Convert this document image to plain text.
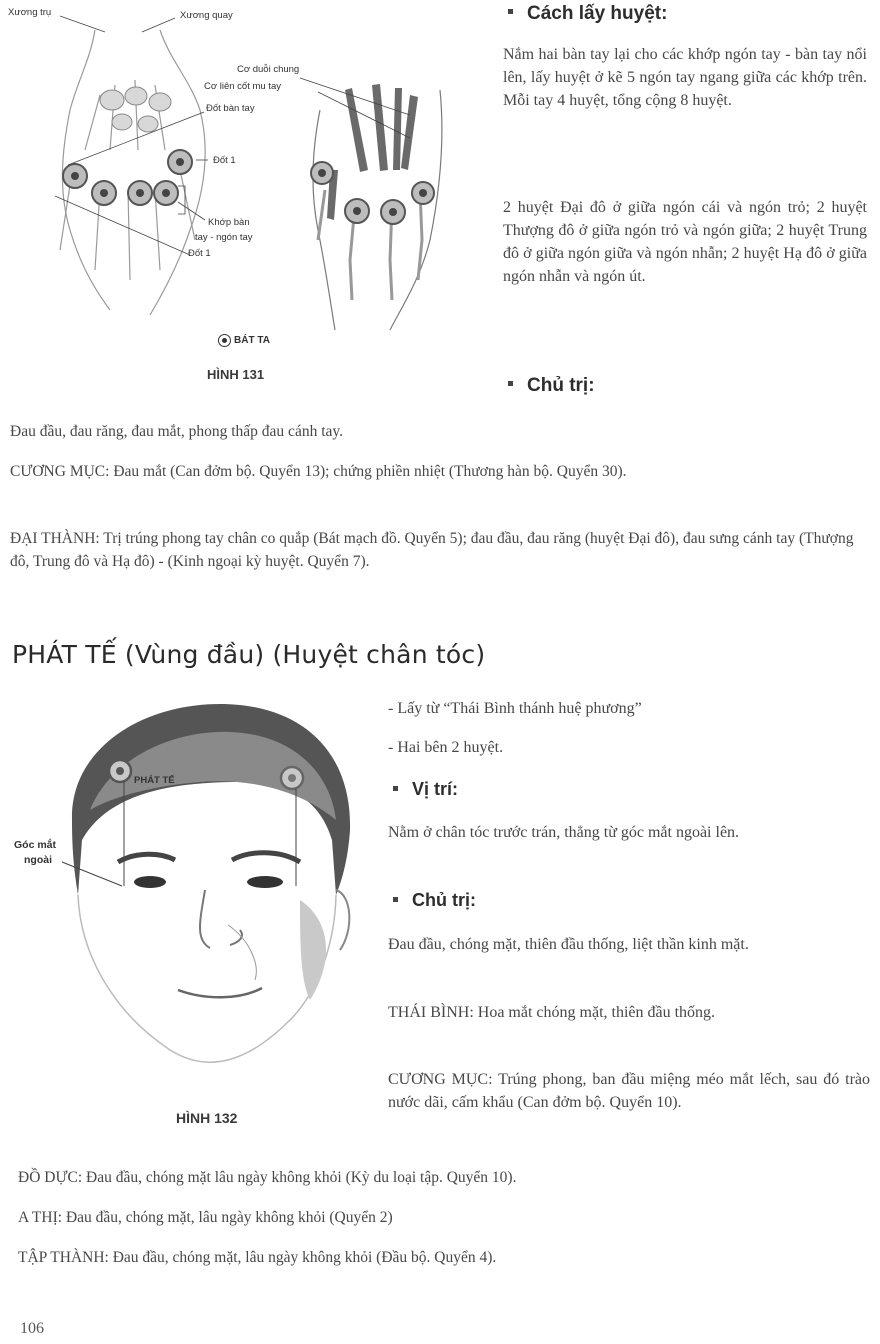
Xương trụ	Xương quay
Cơ duỗi chung
Cơ liên cốt mu tay
Đốt bàn tay
Đốt 1
Khớp bàn
tay - ngón tay
Đốt 1
BÁT TA
HÌNH 131
Cách lấy huyệt:

Nắm hai bàn tay lại cho các khớp ngón tay - bàn tay nổi lên, lấy huyệt ở kẽ 5 ngón tay ngang giữa các khớp trên. Mỗi tay 4 huyệt, tổng cộng 8 huyệt.

2 huyệt Đại đô ở giữa ngón cái và ngón trỏ; 2 huyệt Thượng đô ở giữa ngón trỏ và ngón giữa; 2 huyệt Trung đô ở giữa ngón giữa và ngón nhẫn; 2 huyệt Hạ đô ở giữa ngón nhẫn và ngón út.

Chủ trị:

Đau đầu, đau răng, đau mắt, phong thấp đau cánh tay.

CƯƠNG MỤC: Đau mắt (Can đởm bộ. Quyển 13); chứng phiền nhiệt (Thương hàn bộ. Quyển 30).

ĐẠI THÀNH: Trị trúng phong tay chân co quắp (Bát mạch đồ. Quyển 5); đau đầu, đau răng (huyệt Đại đô), đau sưng cánh tay (Thượng đô, Trung đô và Hạ đô) - (Kinh ngoại kỳ huyệt. Quyển 7).

PHÁT TẾ (Vùng đầu) (Huyệt chân tóc)
PHÁT TẾ
Góc mắt
ngoài
HÌNH 132

- Lấy từ “Thái Bình thánh huệ phương”

- Hai bên 2 huyệt.

Vị trí:

Nằm ở chân tóc trước trán, thẳng từ góc mắt ngoài lên.

Chủ trị:

Đau đầu, chóng mặt, thiên đầu thống, liệt thần kinh mặt.

THÁI BÌNH: Hoa mắt chóng mặt, thiên đầu thống.

CƯƠNG MỤC: Trúng phong, ban đầu miệng méo mắt lếch, sau đó trào nước dãi, cấm khẩu (Can đởm bộ. Quyển 10).

ĐỒ DỰC: Đau đầu, chóng mặt lâu ngày không khỏi (Kỳ du loại tập. Quyển 10).

A THỊ: Đau đầu, chóng mặt, lâu ngày không khỏi (Quyển 2)

TẬP THÀNH: Đau đầu, chóng mặt, lâu ngày không khỏi (Đầu bộ. Quyển 4).

106
